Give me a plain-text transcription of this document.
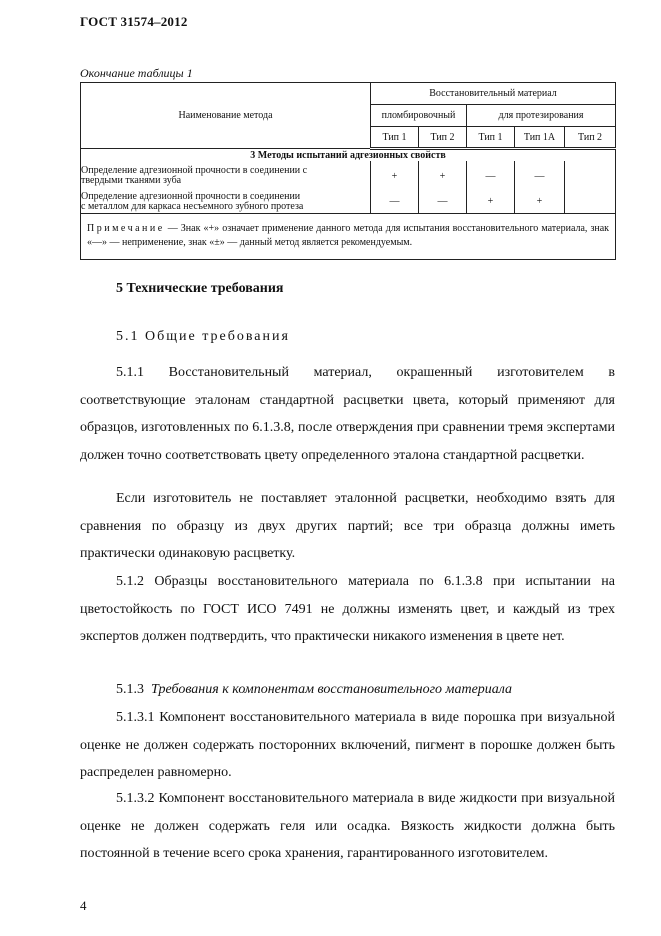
ГОСТ 31574–2012
Окончание таблицы 1
Наименование метода	Восстановительный материал				
	пломбировочный		для протезирования		
	Тип 1	Тип 2	Тип 1	Тип 1А	Тип 2
3 Методы испытаний адгезионных свойств					

Определение адгезионной прочности в соединении с
твердыми тканями зуба	+	+	—	—	

Определение адгезионной прочности в соединении
с металлом для каркаса несъемного зубного протеза	—	—	+	+	
Примечание — Знак «+» означает применение данного метода для испытания восстановительного материала, знак «—» — неприменение, знак «±» — данный метод является рекомендуемым.					
5 Технические требования
5.1 Общие требования

5.1.1 Восстановительный материал, окрашенный изготовителем в соответствующие эталонам стандартной расцветки цвета, который применяют для образцов, изготовленных по 6.1.3.8, после отверждения при сравнении тремя экспертами должен точно соответствовать цвету определенного эталона стандартной расцветки.

Если изготовитель не поставляет эталонной расцветки, необходимо взять для сравнения по образцу из двух других партий; все три образца должны иметь практически одинаковую расцветку.

5.1.2 Образцы восстановительного материала по 6.1.3.8 при испытании на цветостойкость по ГОСТ ИСО 7491 не должны изменять цвет, и каждый из трех экспертов должен подтвердить, что практически никакого изменения в цвете нет.

5.1.3 Требования к компонентам восстановительного материала

5.1.3.1 Компонент восстановительного материала в виде порошка при визуальной оценке не должен содержать посторонних включений, пигмент в порошке должен быть распределен равномерно.

5.1.3.2 Компонент восстановительного материала в виде жидкости при визуальной оценке не должен содержать геля или осадка. Вязкость жидкости должна быть постоянной в течение всего срока хранения, гарантированного изготовителем.

4
